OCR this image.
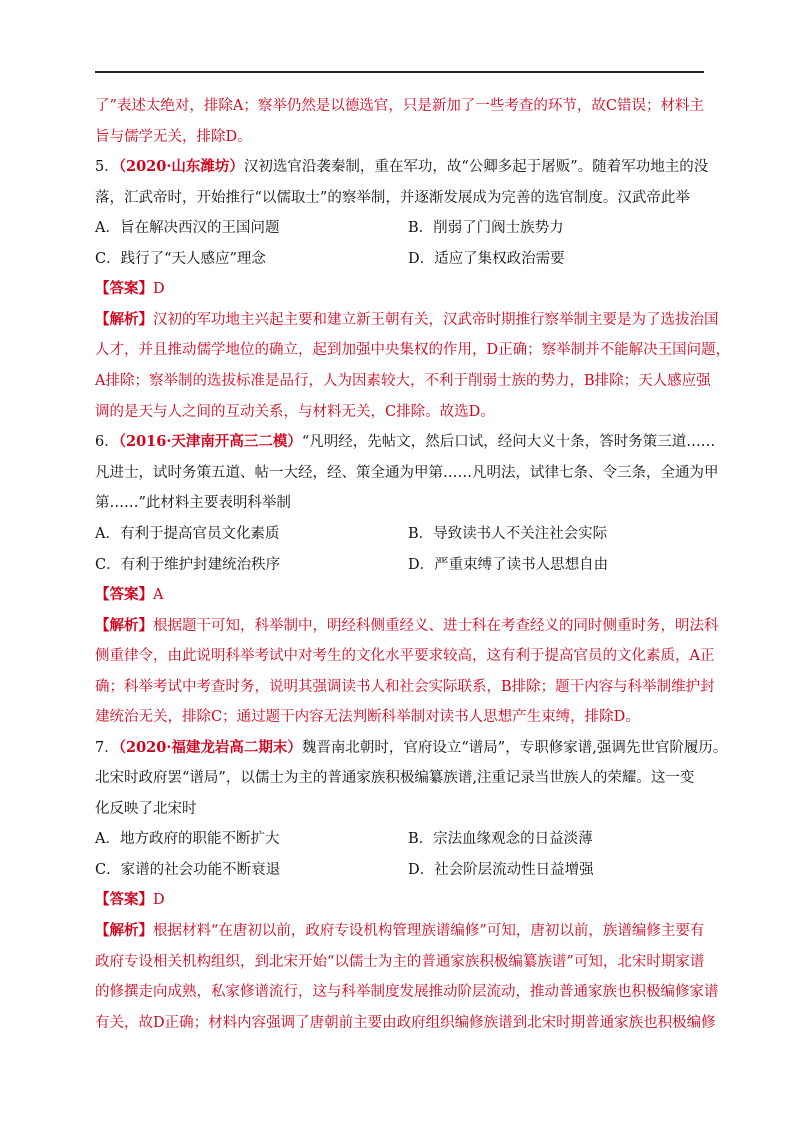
了”表述太绝对，排除A；察举仍然是以德选官，只是新加了一些考查的环节，故C错误；材料主
旨与儒学无关，排除D。
5．（2020·山东潍坊）汉初选官沿袭秦制，重在军功，故“公卿多起于屠贩”。随着军功地主的没
落，汇武帝时，开始推行“以儒取士”的察举制，并逐渐发展成为完善的选官制度。汉武帝此举
A．旨在解决西汉的王国问题	B．削弱了门阀士族势力
C．践行了“天人感应”理念	D．适应了集权政治需要
【答案】D
【解析】汉初的军功地主兴起主要和建立新王朝有关，汉武帝时期推行察举制主要是为了选拔治国
人才，并且推动儒学地位的确立，起到加强中央集权的作用，D正确；察举制并不能解决王国问题，
A排除；察举制的选拔标准是品行，人为因素较大，不利于削弱士族的势力，B排除；天人感应强
调的是天与人之间的互动关系，与材料无关，C排除。故选D。
6．（2016·天津南开高三二模）“凡明经，先帖文，然后口试，经问大义十条，答时务策三道……
凡进士，试时务策五道、帖一大经，经、策全通为甲第……凡明法，试律七条、令三条，全通为甲
第……”此材料主要表明科举制
A．有利于提高官员文化素质	B．导致读书人不关注社会实际
C．有利于维护封建统治秩序	D．严重束缚了读书人思想自由
【答案】A
【解析】根据题干可知，科举制中，明经科侧重经义、进士科在考查经义的同时侧重时务，明法科
侧重律令，由此说明科举考试中对考生的文化水平要求较高，这有利于提高官员的文化素质，A正
确；科举考试中考查时务，说明其强调读书人和社会实际联系，B排除；题干内容与科举制维护封
建统治无关，排除C；通过题干内容无法判断科举制对读书人思想产生束缚，排除D。
7．（2020·福建龙岩高二期末）魏晋南北朝时，官府设立“谱局”，专职修家谱,强调先世官阶履历。
北宋时政府罢“谱局”，以儒士为主的普通家族积极编纂族谱,注重记录当世族人的荣耀。这一变
化反映了北宋时
A．地方政府的职能不断扩大	B．宗法血缘观念的日益淡薄
C．家谱的社会功能不断衰退	D．社会阶层流动性日益增强
【答案】D
【解析】根据材料“在唐初以前，政府专设机构管理族谱编修”可知，唐初以前，族谱编修主要有
政府专设相关机构组织，到北宋开始“以儒士为主的普通家族积极编纂族谱”可知，北宋时期家谱
的修撰走向成熟，私家修谱流行，这与科举制度发展推动阶层流动，推动普通家族也积极编修家谱
有关，故D正确；材料内容强调了唐朝前主要由政府组织编修族谱到北宋时期普通家族也积极编修
